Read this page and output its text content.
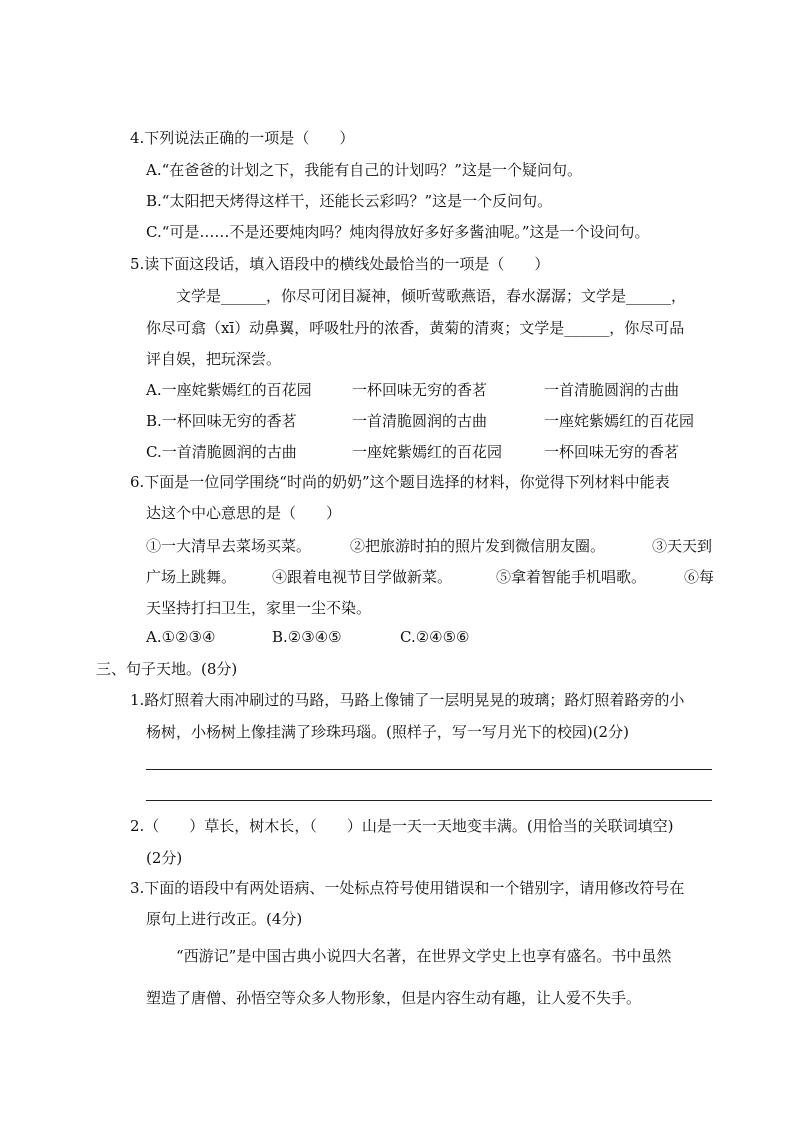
4.下列说法正确的一项是（　　）
A.“在爸爸的计划之下，我能有自己的计划吗？”这是一个疑问句。
B.“太阳把天烤得这样干，还能长云彩吗？”这是一个反问句。
C.“可是……不是还要炖肉吗？炖肉得放好多好多酱油呢。”这是一个设问句。
5.读下面这段话，填入语段中的横线处最恰当的一项是（　　）
文学是______，你尽可闭目凝神，倾听莺歌燕语，春水潺潺；文学是______，
你尽可翕（xī）动鼻翼，呼吸牡丹的浓香，黄菊的清爽；文学是______，你尽可品
评自娱，把玩深尝。
A.一座姹紫嫣红的百花园	一杯回味无穷的香茗	一首清脆圆润的古曲
B.一杯回味无穷的香茗	一首清脆圆润的古曲	一座姹紫嫣红的百花园
C.一首清脆圆润的古曲	一座姹紫嫣红的百花园	一杯回味无穷的香茗
6.下面是一位同学围绕“时尚的奶奶”这个题目选择的材料，你觉得下列材料中能表
达这个中心意思的是（　　）
①一大清早去菜场买菜。	②把旅游时拍的照片发到微信朋友圈。	③天天到
广场上跳舞。 ④跟着电视节目学做新菜。	⑤拿着智能手机唱歌。	⑥每
天坚持打扫卫生，家里一尘不染。
A.①②③④	B.②③④⑤	C.②④⑤⑥
三、句子天地。(8分)
1.路灯照着大雨冲刷过的马路，马路上像铺了一层明晃晃的玻璃；路灯照着路旁的小
杨树，小杨树上像挂满了珍珠玛瑙。(照样子，写一写月光下的校园)(2分)
2.（　　）草长，树木长，（　　）山是一天一天地变丰满。(用恰当的关联词填空)
(2分)
3.下面的语段中有两处语病、一处标点符号使用错误和一个错别字，请用修改符号在
原句上进行改正。(4分)
“西游记”是中国古典小说四大名著，在世界文学史上也享有盛名。书中虽然
塑造了唐僧、孙悟空等众多人物形象，但是内容生动有趣，让人爱不失手。
